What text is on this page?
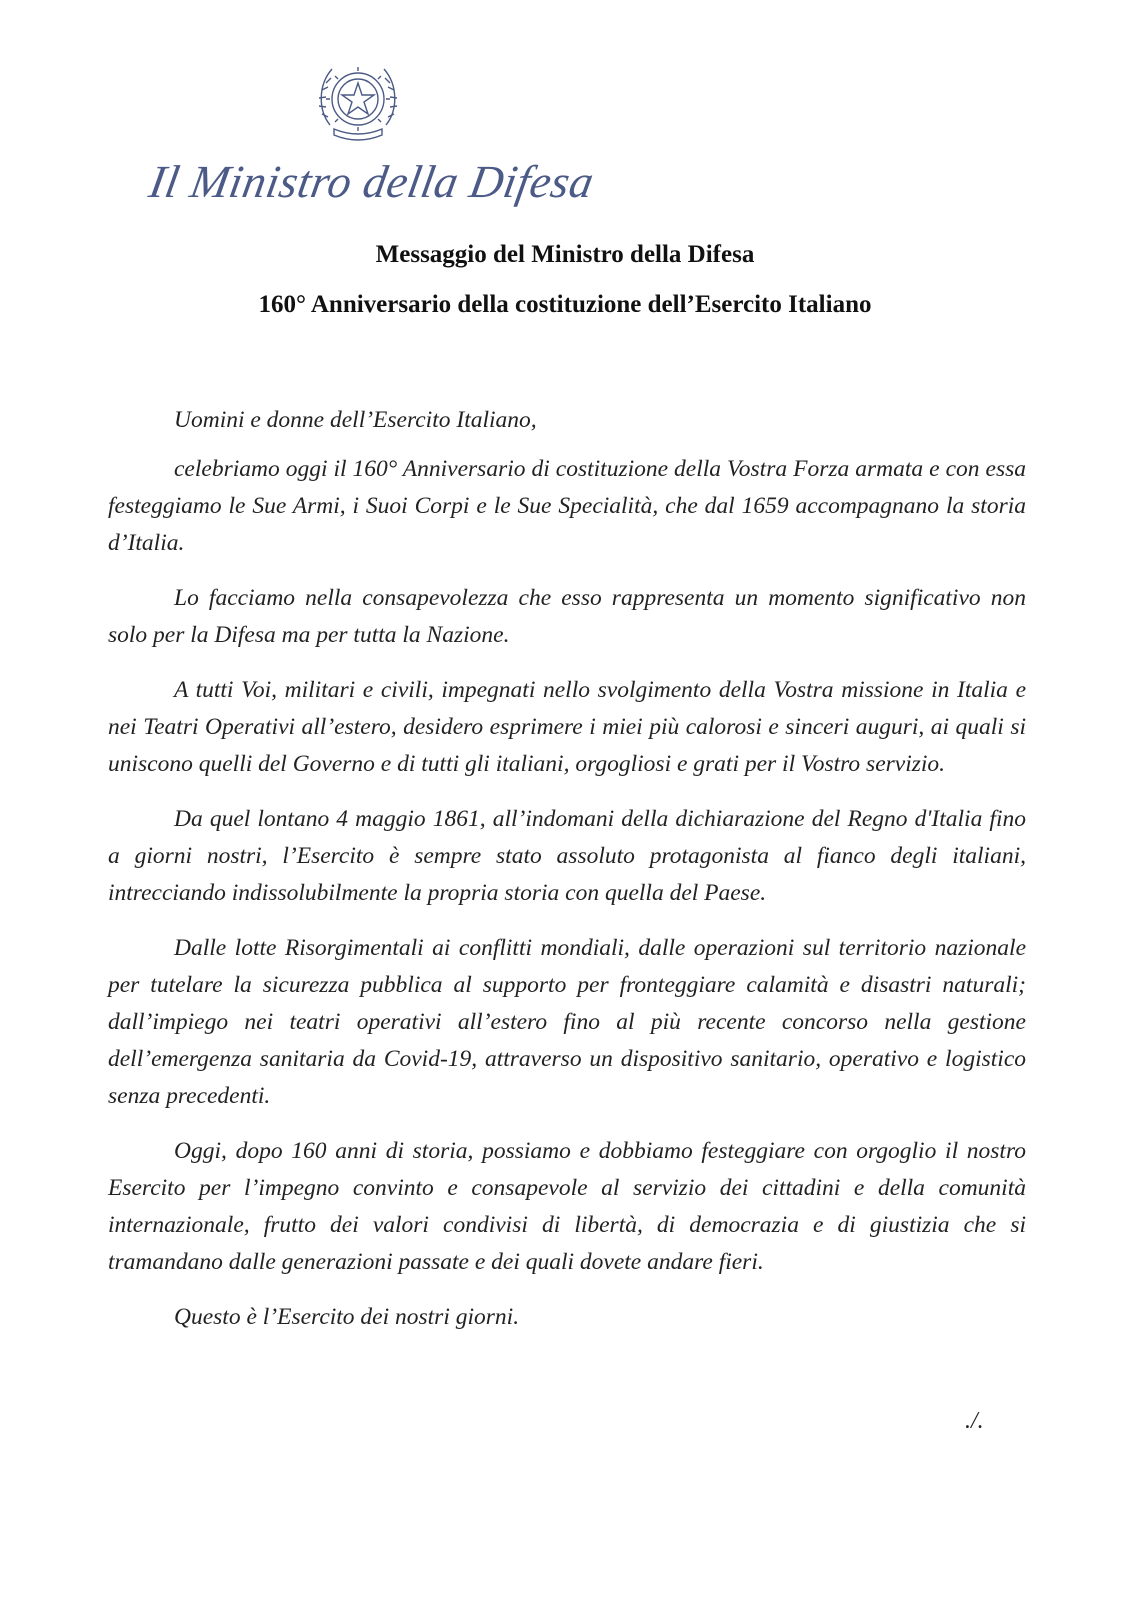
Il Ministro della Difesa
Messaggio del Ministro della Difesa
160° Anniversario della costituzione dell’Esercito Italiano

Uomini e donne dell’Esercito Italiano,

celebriamo oggi il 160° Anniversario di costituzione della Vostra Forza armata e con essa festeggiamo le Sue Armi, i Suoi Corpi e le Sue Specialità, che dal 1659 accompagnano la storia d’Italia.

Lo facciamo nella consapevolezza che esso rappresenta un momento significativo non solo per la Difesa ma per tutta la Nazione.

A tutti Voi, militari e civili, impegnati nello svolgimento della Vostra missione in Italia e nei Teatri Operativi all’estero, desidero esprimere i miei più calorosi e sinceri auguri, ai quali si uniscono quelli del Governo e di tutti gli italiani, orgogliosi e grati per il Vostro servizio.

Da quel lontano 4 maggio 1861, all’indomani della dichiarazione del Regno d'Italia fino a giorni nostri, l’Esercito è sempre stato assoluto protagonista al fianco degli italiani, intrecciando indissolubilmente la propria storia con quella del Paese.

Dalle lotte Risorgimentali ai conflitti mondiali, dalle operazioni sul territorio nazionale per tutelare la sicurezza pubblica al supporto per fronteggiare calamità e disastri naturali; dall’impiego nei teatri operativi all’estero fino al più recente concorso nella gestione dell’emergenza sanitaria da Covid-19, attraverso un dispositivo sanitario, operativo e logistico senza precedenti.

Oggi, dopo 160 anni di storia, possiamo e dobbiamo festeggiare con orgoglio il nostro Esercito per l’impegno convinto e consapevole al servizio dei cittadini e della comunità internazionale, frutto dei valori condivisi di libertà, di democrazia e di giustizia che si tramandano dalle generazioni passate e dei quali dovete andare fieri.

Questo è l’Esercito dei nostri giorni.

./.
